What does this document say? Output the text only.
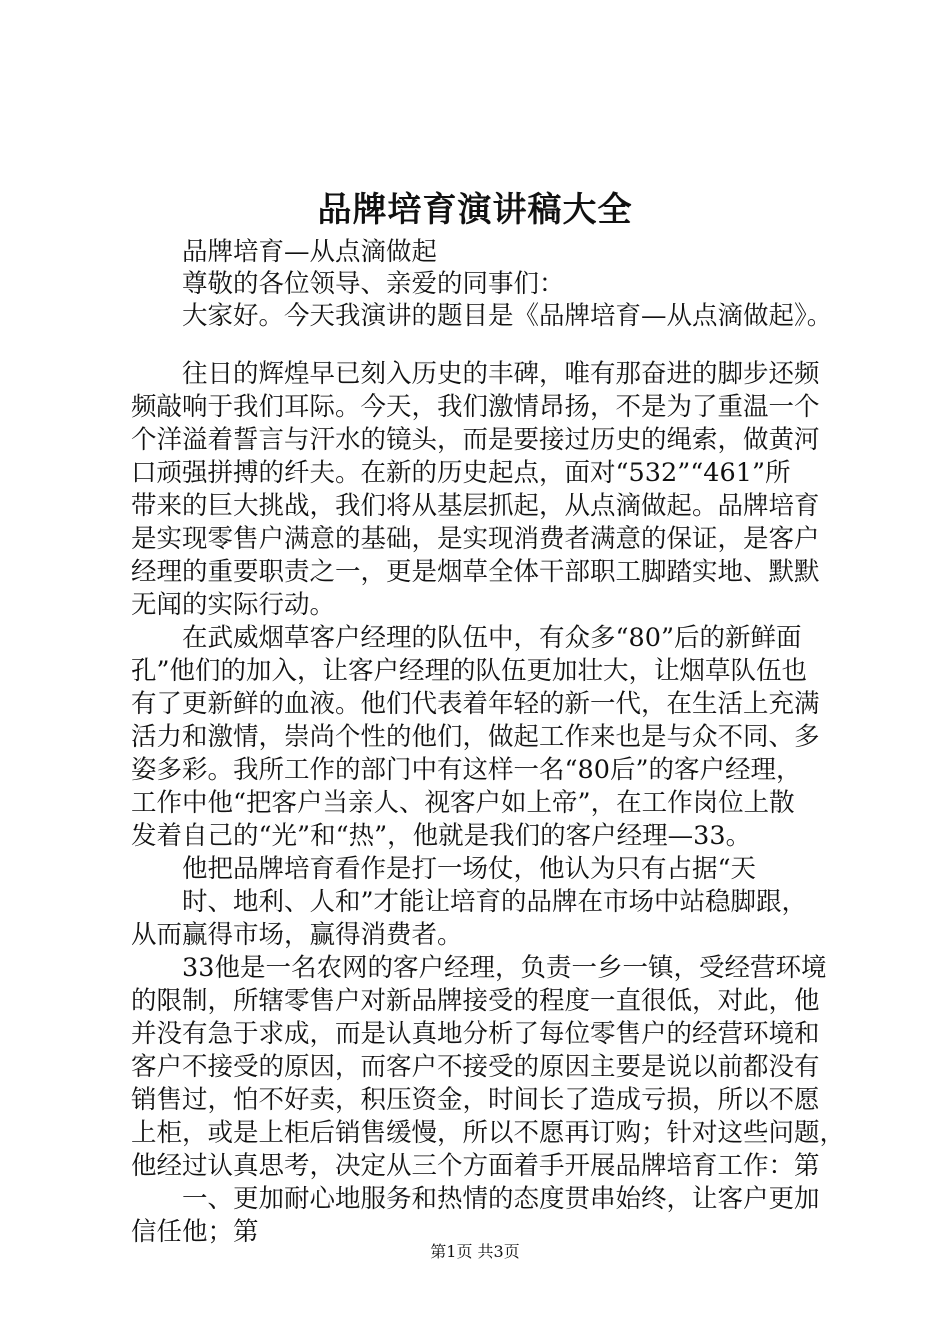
品牌培育演讲稿大全
　　品牌培育—从点滴做起
　　尊敬的各位领导、亲爱的同事们：
　　大家好。今天我演讲的题目是《品牌培育—从点滴做起》。
　　往日的辉煌早已刻入历史的丰碑，唯有那奋进的脚步还频
频敲响于我们耳际。今天，我们激情昂扬，不是为了重温一个
个洋溢着誓言与汗水的镜头，而是要接过历史的绳索，做黄河
口顽强拼搏的纤夫。在新的历史起点，面对“532”“461”所
带来的巨大挑战，我们将从基层抓起，从点滴做起。品牌培育
是实现零售户满意的基础，是实现消费者满意的保证，是客户
经理的重要职责之一，更是烟草全体干部职工脚踏实地、默默
无闻的实际行动。
　　在武威烟草客户经理的队伍中，有众多“80”后的新鲜面
孔”他们的加入，让客户经理的队伍更加壮大，让烟草队伍也
有了更新鲜的血液。他们代表着年轻的新一代，在生活上充满
活力和激情，崇尚个性的他们，做起工作来也是与众不同、多
姿多彩。我所工作的部门中有这样一名“80后”的客户经理，
工作中他“把客户当亲人、视客户如上帝”，在工作岗位上散
发着自己的“光”和“热”，他就是我们的客户经理—33。
　　他把品牌培育看作是打一场仗，他认为只有占据“天
　　时、地利、人和”才能让培育的品牌在市场中站稳脚跟，
从而赢得市场，赢得消费者。
　　33他是一名农网的客户经理，负责一乡一镇，受经营环境
的限制，所辖零售户对新品牌接受的程度一直很低，对此，他
并没有急于求成，而是认真地分析了每位零售户的经营环境和
客户不接受的原因，而客户不接受的原因主要是说以前都没有
销售过，怕不好卖，积压资金，时间长了造成亏损，所以不愿
上柜，或是上柜后销售缓慢，所以不愿再订购；针对这些问题，
他经过认真思考，决定从三个方面着手开展品牌培育工作：第
　　一、更加耐心地服务和热情的态度贯串始终，让客户更加
信任他；第
第1页 共3页
